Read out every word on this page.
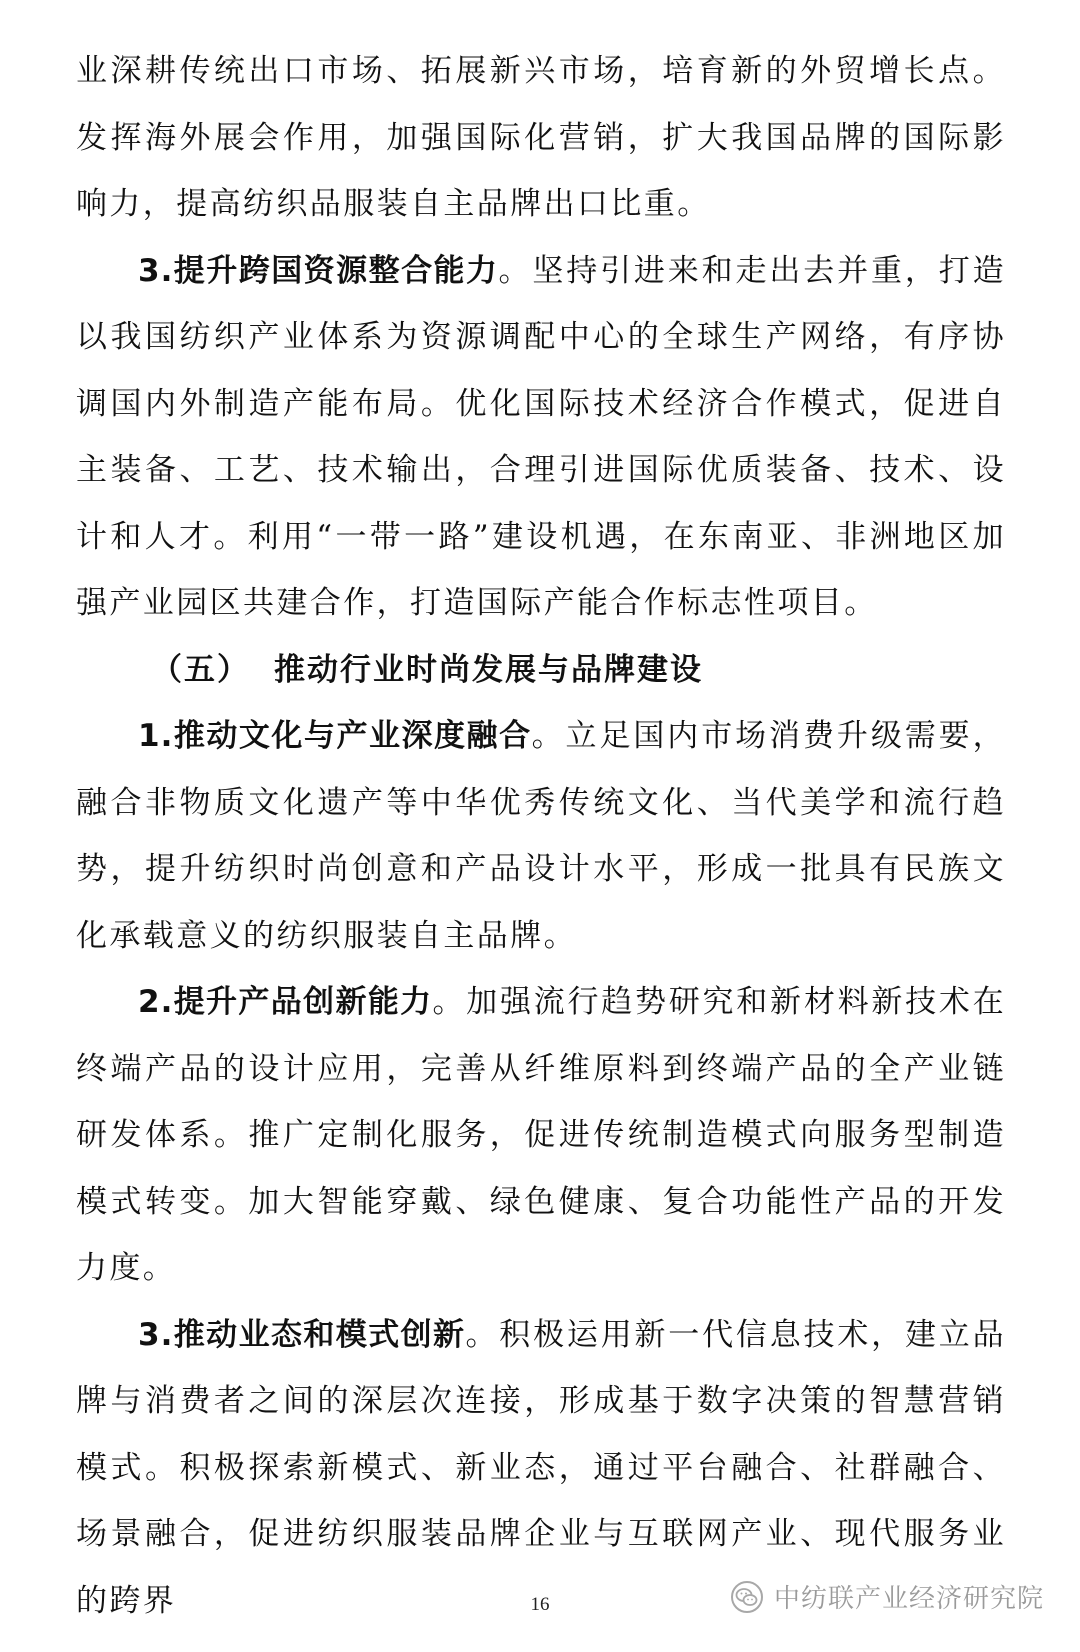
业深耕传统出口市场、拓展新兴市场，培育新的外贸增长点。发挥海外展会作用，加强国际化营销，扩大我国品牌的国际影响力，提高纺织品服装自主品牌出口比重。

3.提升跨国资源整合能力。坚持引进来和走出去并重，打造以我国纺织产业体系为资源调配中心的全球生产网络，有序协调国内外制造产能布局。优化国际技术经济合作模式，促进自主装备、工艺、技术输出，合理引进国际优质装备、技术、设计和人才。利用“一带一路”建设机遇，在东南亚、非洲地区加强产业园区共建合作，打造国际产能合作标志性项目。

（五） 推动行业时尚发展与品牌建设

1.推动文化与产业深度融合。立足国内市场消费升级需要，融合非物质文化遗产等中华优秀传统文化、当代美学和流行趋势，提升纺织时尚创意和产品设计水平，形成一批具有民族文化承载意义的纺织服装自主品牌。

2.提升产品创新能力。加强流行趋势研究和新材料新技术在终端产品的设计应用，完善从纤维原料到终端产品的全产业链研发体系。推广定制化服务，促进传统制造模式向服务型制造模式转变。加大智能穿戴、绿色健康、复合功能性产品的开发力度。

3.推动业态和模式创新。积极运用新一代信息技术，建立品牌与消费者之间的深层次连接，形成基于数字决策的智慧营销模式。积极探索新模式、新业态，通过平台融合、社群融合、场景融合，促进纺织服装品牌企业与互联网产业、现代服务业的跨界	16	中纺联产业经济研究院
